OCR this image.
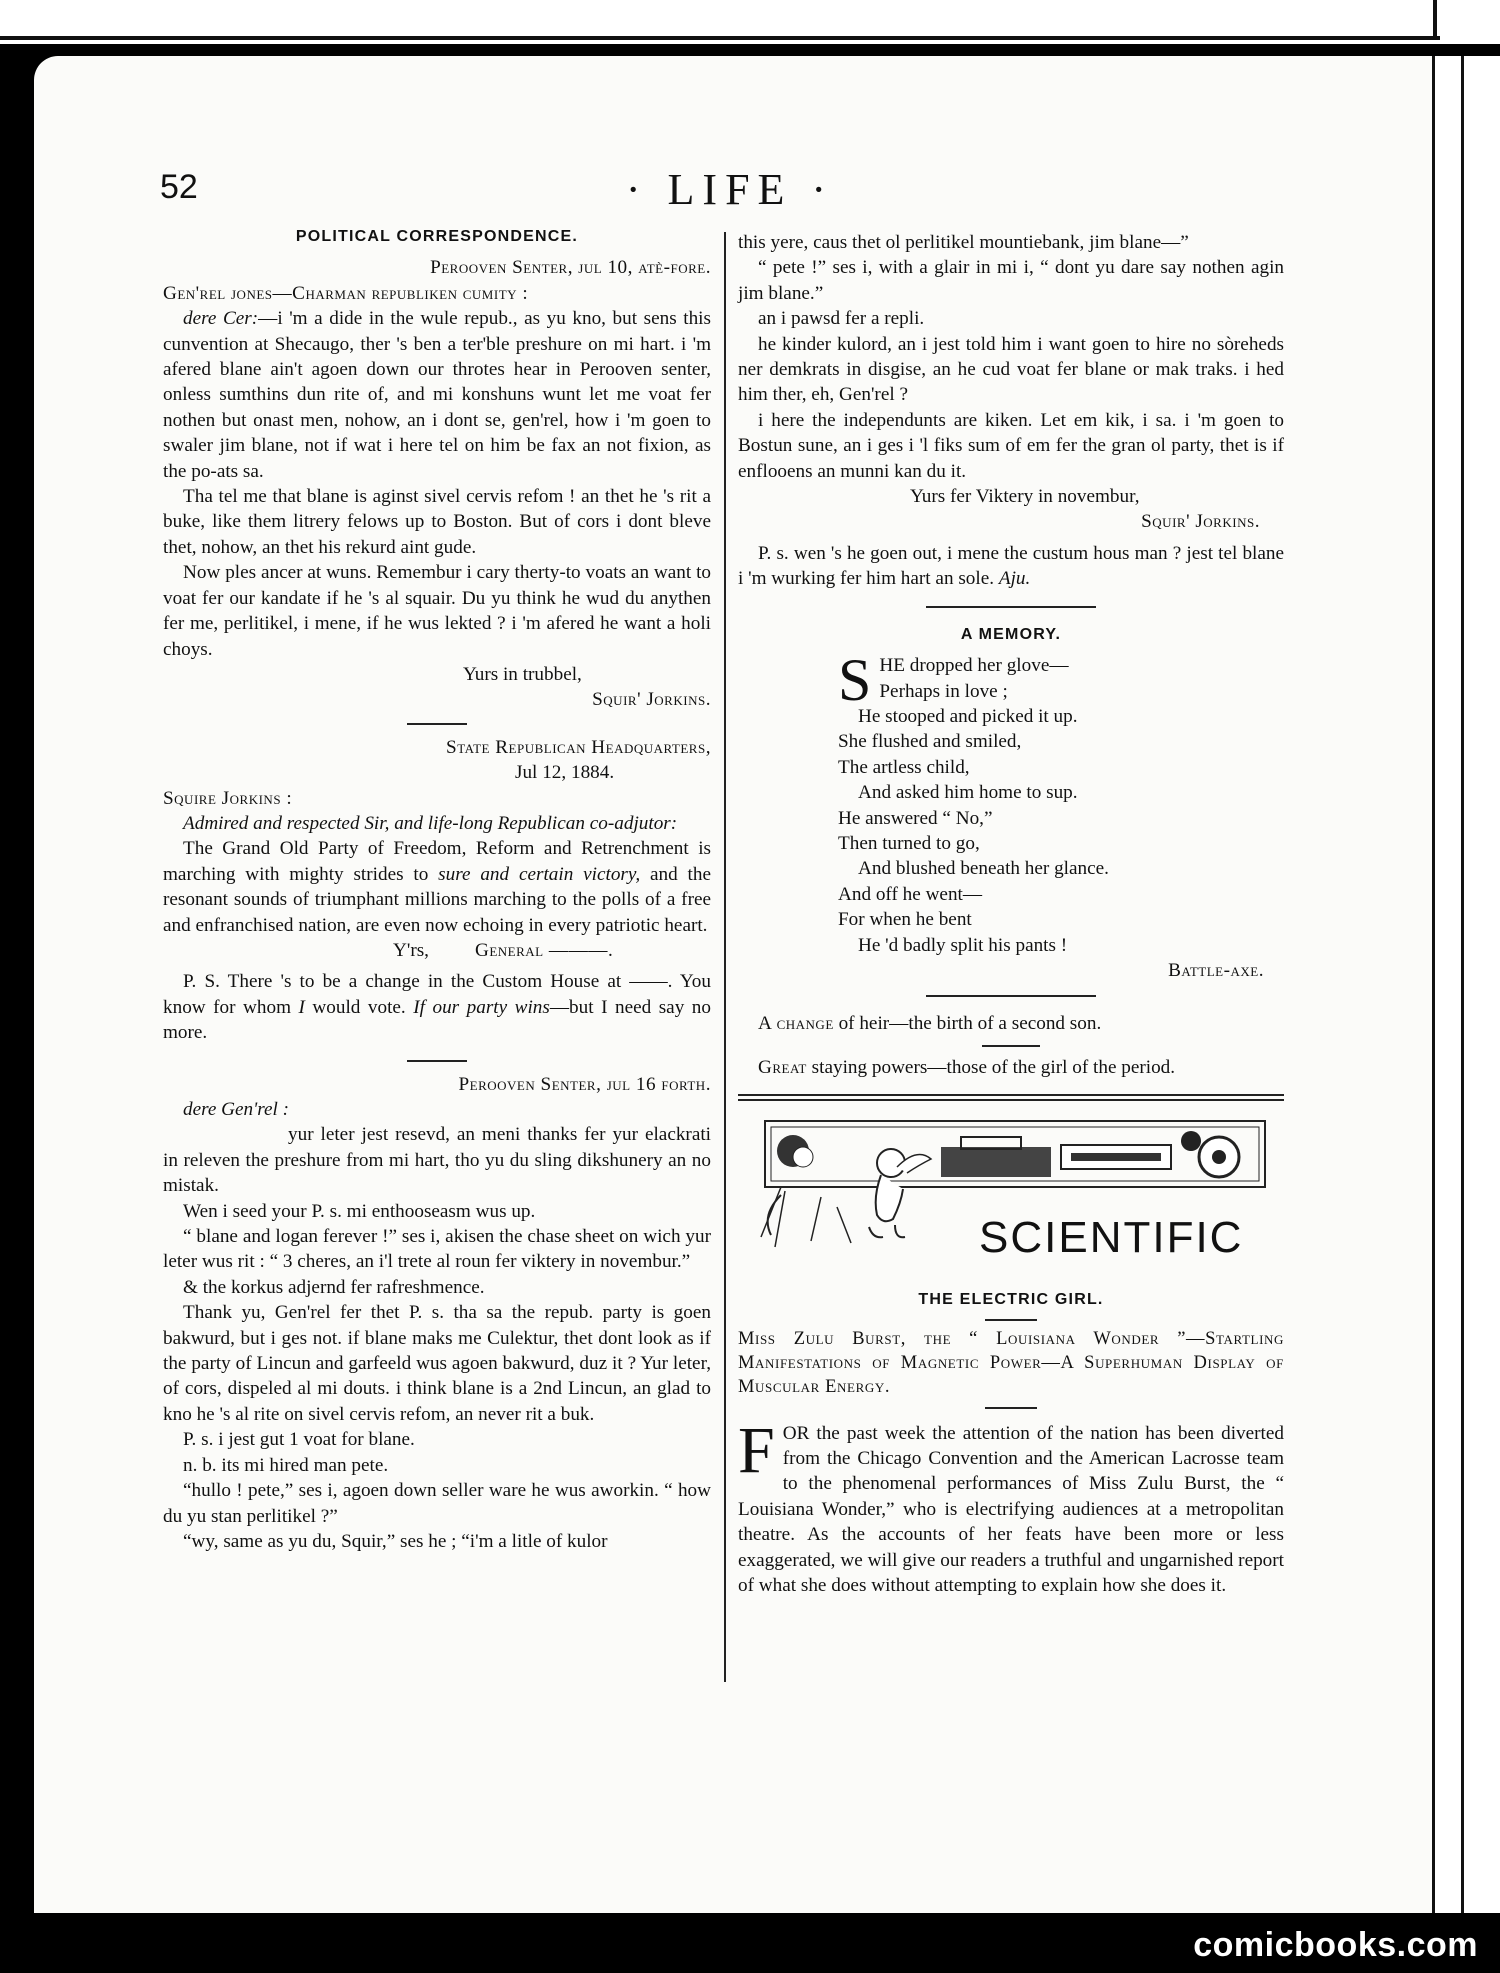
52	· LIFE ·
POLITICAL CORRESPONDENCE.

Perooven Senter, jul 10, atè-fore.

Gen'rel jones—Charman republiken cumity :

dere Cer:—i 'm a dide in the wule repub., as yu kno, but sens this cunvention at Shecaugo, ther 's ben a ter'ble preshure on mi hart. i 'm afered blane ain't agoen down our throtes hear in Perooven senter, onless sumthins dun rite of, and mi konshuns wunt let me voat fer nothen but onast men, nohow, an i dont se, gen'rel, how i 'm goen to swaler jim blane, not if wat i here tel on him be fax an not fixion, as the po-ats sa.

Tha tel me that blane is aginst sivel cervis refom ! an thet he 's rit a buke, like them litrery felows up to Boston. But of cors i dont bleve thet, nohow, an thet his rekurd aint gude.

Now ples ancer at wuns. Remembur i cary therty-to voats an want to voat fer our kandate if he 's al squair. Du yu think he wud du anythen fer me, perlitikel, i mene, if he wus lekted ? i 'm afered he want a holi choys.

Yurs in trubbel,

Squir' Jorkins.

State Republican Headquarters,

Jul 12, 1884.

Squire Jorkins :

Admired and respected Sir, and life-long Republican co-adjutor:

The Grand Old Party of Freedom, Reform and Retrenchment is marching with mighty strides to sure and certain victory, and the resonant sounds of triumphant millions marching to the polls of a free and enfranchised nation, are even now echoing in every patriotic heart.

Y'rs, General ———.

P. S. There 's to be a change in the Custom House at ——. You know for whom I would vote. If our party wins—but I need say no more.

Perooven Senter, jul 16 forth.

dere Gen'rel :

yur leter jest resevd, an meni thanks fer yur elackrati in releven the preshure from mi hart, tho yu du sling dikshunery an no mistak.

Wen i seed your P. s. mi enthooseasm wus up.

“ blane and logan ferever !” ses i, akisen the chase sheet on wich yur leter wus rit : “ 3 cheres, an i'l trete al roun fer viktery in novembur.”

& the korkus adjernd fer rafreshmence.

Thank yu, Gen'rel fer thet P. s. tha sa the repub. party is goen bakwurd, but i ges not. if blane maks me Culektur, thet dont look as if the party of Lincun and garfeeld wus agoen bakwurd, duz it ? Yur leter, of cors, dispeled al mi douts. i think blane is a 2nd Lincun, an glad to kno he 's al rite on sivel cervis refom, an never rit a buk.

P. s. i jest gut 1 voat for blane.

n. b. its mi hired man pete.

“hullo ! pete,” ses i, agoen down seller ware he wus aworkin. “ how du yu stan perlitikel ?”

“wy, same as yu du, Squir,” ses he ; “i'm a litle of kulor

this yere, caus thet ol perlitikel mountiebank, jim blane—”

“ pete !” ses i, with a glair in mi i, “ dont yu dare say nothen agin jim blane.”

an i pawsd fer a repli.

he kinder kulord, an i jest told him i want goen to hire no sòreheds ner demkrats in disgise, an he cud voat fer blane or mak traks. i hed him ther, eh, Gen'rel ?

i here the independunts are kiken. Let em kik, i sa. i 'm goen to Bostun sune, an i ges i 'l fiks sum of em fer the gran ol party, thet is if enflooens an munni kan du it.

Yurs fer Viktery in novembur,

Squir' Jorkins.

P. s. wen 's he goen out, i mene the custum hous man ? jest tel blane i 'm wurking fer him hart an sole. Aju.

A MEMORY.
S HE dropped her glove—
Perhaps in love ;
He stooped and picked it up.
She flushed and smiled,
The artless child,
And asked him home to sup.
He answered “ No,”
Then turned to go,
And blushed beneath her glance.
And off he went—
For when he bent
He 'd badly split his pants !

Battle-axe.

A change of heir—the birth of a second son.

Great staying powers—those of the girl of the period.

SCIENTIFIC
THE ELECTRIC GIRL.

Miss Zulu Burst, the “ Louisiana Wonder ”—Startling Manifestations of Magnetic Power—A Superhuman Display of Muscular Energy.

FOR the past week the attention of the nation has been diverted from the Chicago Convention and the American Lacrosse team to the phenomenal performances of Miss Zulu Burst, the “ Louisiana Wonder,” who is electrifying audiences at a metropolitan theatre. As the accounts of her feats have been more or less exaggerated, we will give our readers a truthful and ungarnished report of what she does without attempting to explain how she does it.

comicbooks.com
